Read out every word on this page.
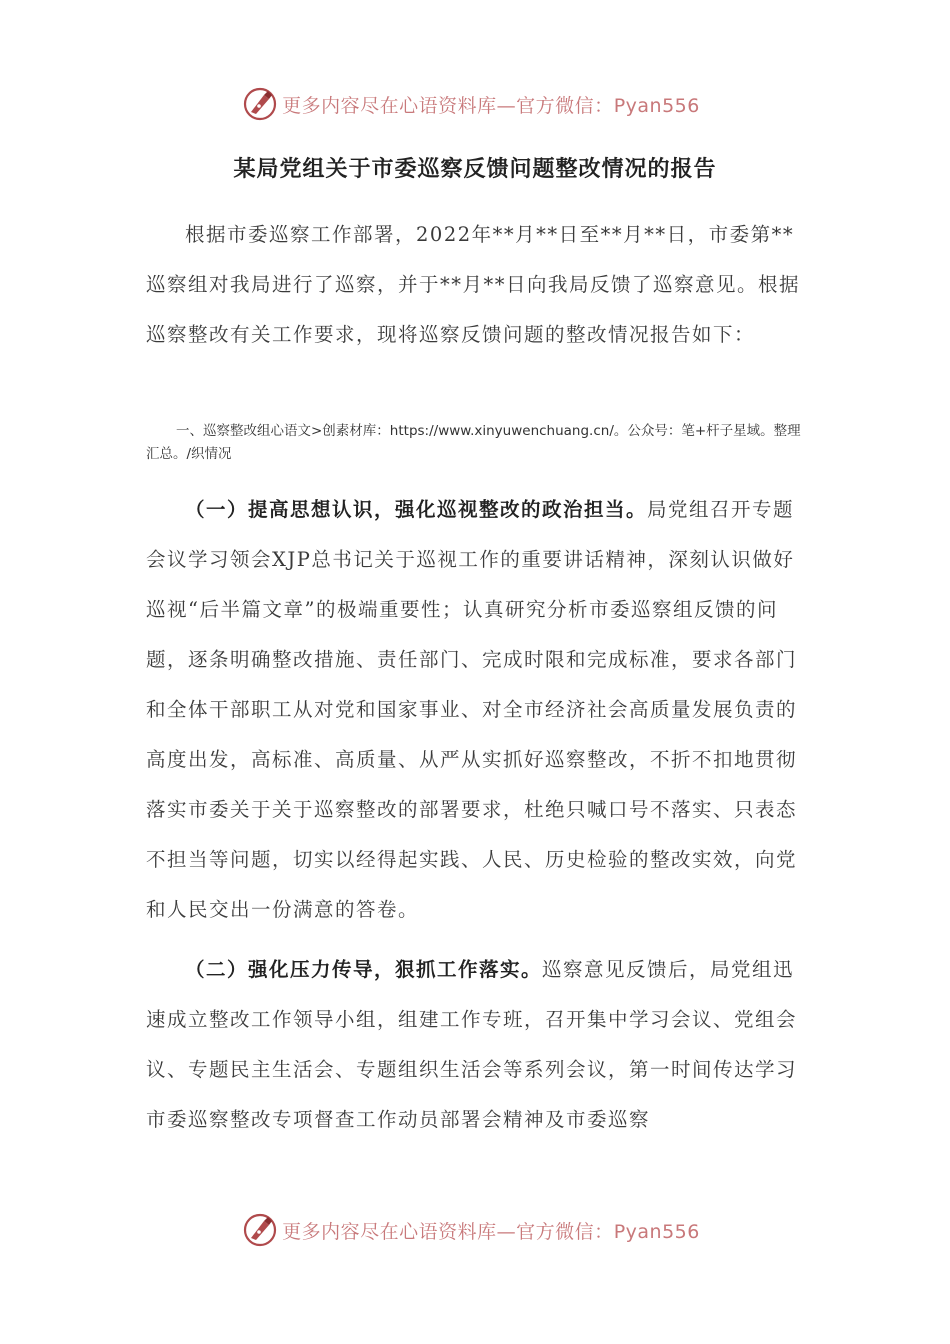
更多内容尽在心语资料库—官方微信：Pyan556
某局党组关于市委巡察反馈问题整改情况的报告

根据市委巡察工作部署，2022年**月**日至**月**日，市委第**巡察组对我局进行了巡察，并于**月**日向我局反馈了巡察意见。根据巡察整改有关工作要求，现将巡察反馈问题的整改情况报告如下：

一、巡察整改组心语文>创素材库：https://www.xinyuwenchuang.cn/。公众号：笔+杆子星域。整理汇总。/织情况

（一）提高思想认识，强化巡视整改的政治担当。局党组召开专题会议学习领会XJP总书记关于巡视工作的重要讲话精神，深刻认识做好巡视“后半篇文章”的极端重要性；认真研究分析市委巡察组反馈的问题，逐条明确整改措施、责任部门、完成时限和完成标准，要求各部门和全体干部职工从对党和国家事业、对全市经济社会高质量发展负责的高度出发，高标准、高质量、从严从实抓好巡察整改，不折不扣地贯彻落实市委关于关于巡察整改的部署要求，杜绝只喊口号不落实、只表态不担当等问题，切实以经得起实践、人民、历史检验的整改实效，向党和人民交出一份满意的答卷。

（二）强化压力传导，狠抓工作落实。巡察意见反馈后，局党组迅速成立整改工作领导小组，组建工作专班，召开集中学习会议、党组会议、专题民主生活会、专题组织生活会等系列会议，第一时间传达学习市委巡察整改专项督查工作动员部署会精神及市委巡察

更多内容尽在心语资料库—官方微信：Pyan556
